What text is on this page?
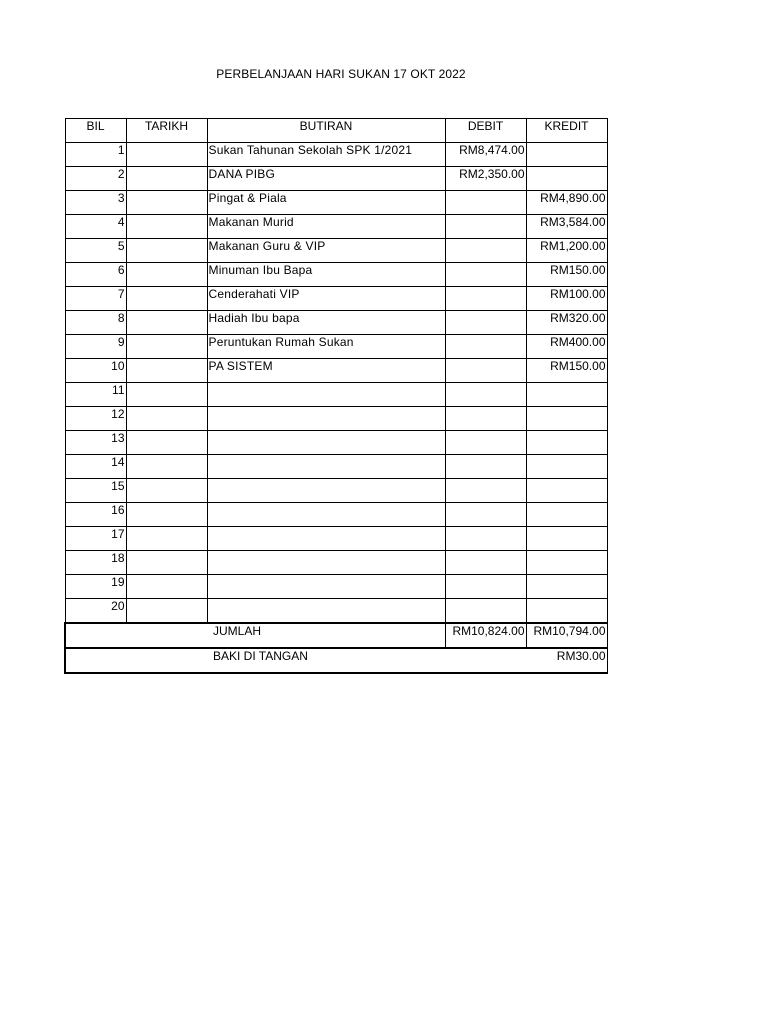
PERBELANJAAN HARI SUKAN 17 OKT 2022
BIL	TARIKH	BUTIRAN	DEBIT	KREDIT
1		Sukan Tahunan Sekolah SPK 1/2021	RM8,474.00	
2		DANA PIBG	RM2,350.00	
3		Pingat & Piala		RM4,890.00
4		Makanan Murid		RM3,584.00
5		Makanan Guru & VIP		RM1,200.00
6		Minuman Ibu Bapa		RM150.00
7		Cenderahati VIP		RM100.00
8		Hadiah Ibu bapa		RM320.00
9		Peruntukan Rumah Sukan		RM400.00
10		PA SISTEM		RM150.00
11				
12				
13				
14				
15				
16				
17				
18				
19				
20				
JUMLAH			RM10,824.00	RM10,794.00
BAKI DI TANGAN				RM30.00
